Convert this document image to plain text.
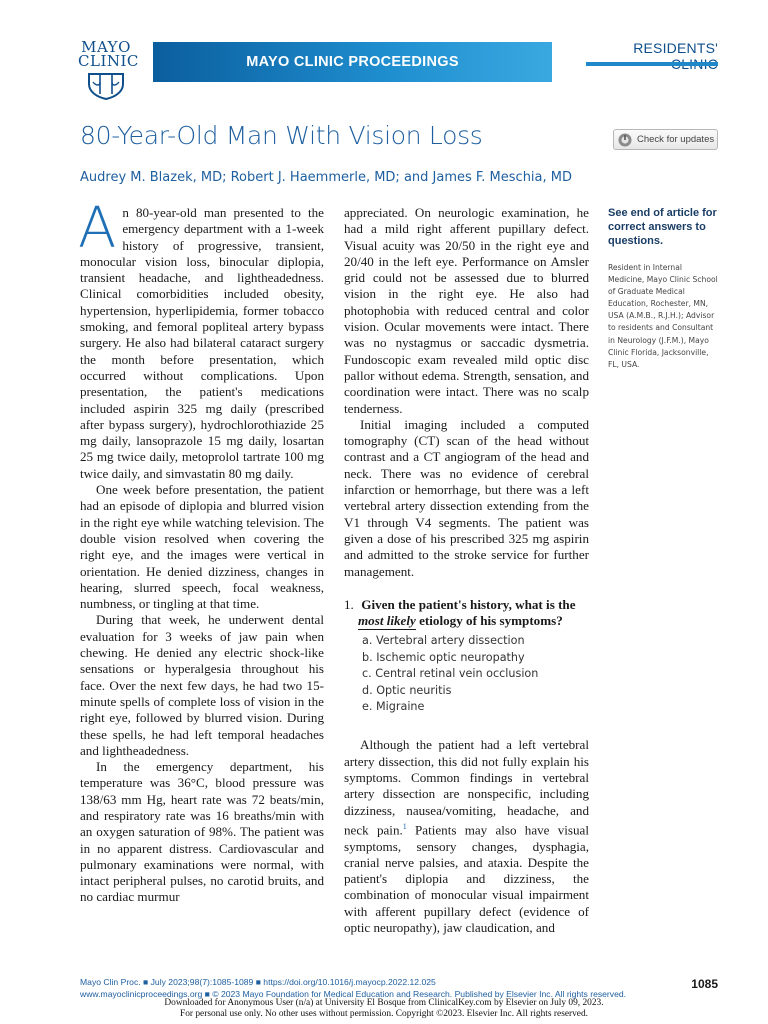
MAYO
CLINIC	MAYO CLINIC PROCEEDINGS
RESIDENTS'
80-Year-Old Man With Vision Loss	Check for updates
Audrey M. Blazek, MD; Robert J. Haemmerle, MD; and James F. Meschia, MD

An 80-year-old man presented to the emergency department with a 1-week history of progressive, transient, monocular vision loss, binocular diplopia, transient headache, and lightheadedness. Clinical comorbidities included obesity, hypertension, hyperlipidemia, former tobacco smoking, and femoral popliteal artery bypass surgery. He also had bilateral cataract surgery the month before presentation, which occurred without complications. Upon presentation, the patient's medications included aspirin 325 mg daily (prescribed after bypass surgery), hydrochlorothiazide 25 mg daily, lansoprazole 15 mg daily, losartan 25 mg twice daily, metoprolol tartrate 100 mg twice daily, and simvastatin 80 mg daily.

One week before presentation, the patient had an episode of diplopia and blurred vision in the right eye while watching television. The double vision resolved when covering the right eye, and the images were vertical in orientation. He denied dizziness, changes in hearing, slurred speech, focal weakness, numbness, or tingling at that time.

During that week, he underwent dental evaluation for 3 weeks of jaw pain when chewing. He denied any electric shock-like sensations or hyperalgesia throughout his face. Over the next few days, he had two 15-minute spells of complete loss of vision in the right eye, followed by blurred vision. During these spells, he had left temporal headaches and lightheadedness.

In the emergency department, his temperature was 36°C, blood pressure was 138/63 mm Hg, heart rate was 72 beats/min, and respiratory rate was 16 breaths/min with an oxygen saturation of 98%. The patient was in no apparent distress. Cardiovascular and pulmonary examinations were normal, with intact peripheral pulses, no carotid bruits, and no cardiac murmur

appreciated. On neurologic examination, he had a mild right afferent pupillary defect. Visual acuity was 20/50 in the right eye and 20/40 in the left eye. Performance on Amsler grid could not be assessed due to blurred vision in the right eye. He also had photophobia with reduced central and color vision. Ocular movements were intact. There was no nystagmus or saccadic dysmetria. Fundoscopic exam revealed mild optic disc pallor without edema. Strength, sensation, and coordination were intact. There was no scalp tenderness.

Initial imaging included a computed tomography (CT) scan of the head without contrast and a CT angiogram of the head and neck. There was no evidence of cerebral infarction or hemorrhage, but there was a left vertebral artery dissection extending from the V1 through V4 segments. The patient was given a dose of his prescribed 325 mg aspirin and admitted to the stroke service for further management.

1. Given the patient's history, what is the
most likely etiology of his symptoms?
a. Vertebral artery dissection
b. Ischemic optic neuropathy
c. Central retinal vein occlusion
d. Optic neuritis
e. Migraine

Although the patient had a left vertebral artery dissection, this did not fully explain his symptoms. Common findings in vertebral artery dissection are nonspecific, including dizziness, nausea/vomiting, headache, and neck pain.$^1$ Patients may also have visual symptoms, sensory changes, dysphagia, cranial nerve palsies, and ataxia. Despite the patient's diplopia and dizziness, the combination of monocular visual impairment with afferent pupillary defect (evidence of optic neuropathy), jaw claudication, and

See end of article for correct answers to questions.
Resident in Internal Medicine, Mayo Clinic School of Graduate Medical Education, Rochester, MN, USA (A.M.B., R.J.H.); Advisor to residents and Consultant in Neurology (J.F.M.), Mayo Clinic Florida, Jacksonville, FL, USA.
Mayo Clin Proc. ■ July 2023;98(7):1085-1089 ■ https://doi.org/10.1016/j.mayocp.2022.12.025
www.mayoclinicproceedings.org ■ © 2023 Mayo Foundation for Medical Education and Research. Published by Elsevier Inc. All rights reserved.
1085
Downloaded for Anonymous User (n/a) at University El Bosque from ClinicalKey.com by Elsevier on July 09, 2023.
For personal use only. No other uses without permission. Copyright ©2023. Elsevier Inc. All rights reserved.
